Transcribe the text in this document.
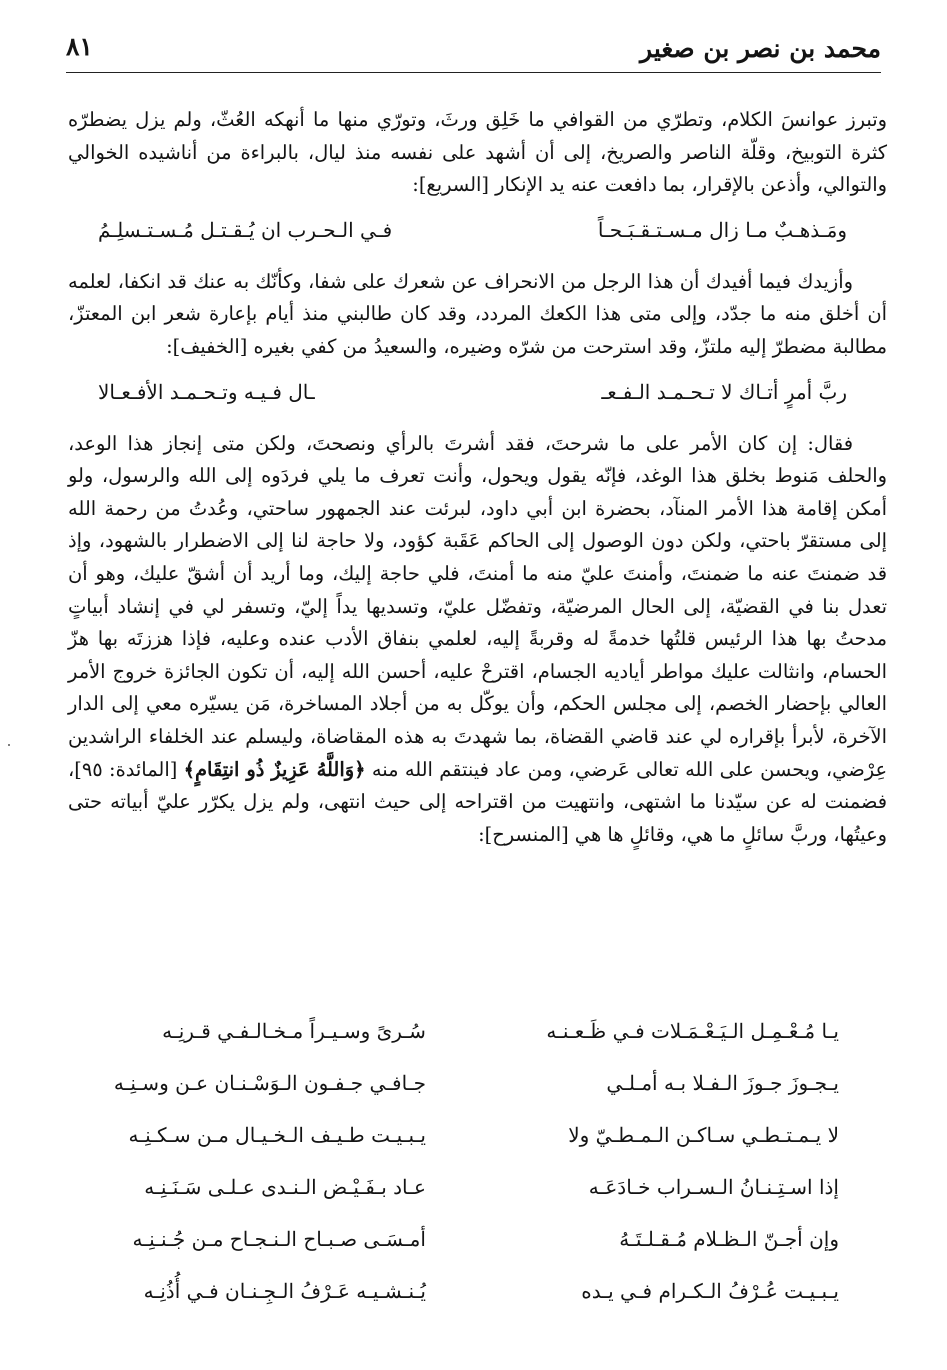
محمد بن نصر بن صغير
٨١

وتبرز عوانسَ الكلام، وتطرّي من القوافي ما خَلِق ورثَ، وتورّي منها ما أنهكه العُثّ، ولم يزل يضطرّه كثرة التوبيخ، وقلّة الناصر والصريخ، إلى أن أشهد على نفسه منذ ليال، بالبراءة من أناشيده الخوالي والتوالي، وأذعن بالإقرار، بما دافعت عنه يد الإنكار [السريع]:

ومَـذهـبٌ مـا زال مـسـتـقـبَـحـاً
فـي الـحـرب ان يُـقـتـل مُـسـتـسلِـمُ

وأزيدك فيما أفيدك أن هذا الرجل من الانحراف عن شعرك على شفا، وكأنّك به عنك قد انكفا، لعلمه أن أخلق منه ما جدّد، وإلى متى هذا الكعك المردد، وقد كان طالبني منذ أيام بإعارة شعر ابن المعتزّ، مطالبة مضطرّ إليه ملتزّ، وقد استرحت من شرّه وضيره، والسعيدُ من كفي بغيره [الخفيف]:

ربَّ أمرٍ أتـاك لا تـحـمـد الـفـعـ
ـال فـيـه وتـحـمـد الأفـعـالا

فقال: إن كان الأمر على ما شرحتَ، فقد أشرتَ بالرأي ونصحتَ، ولكن متى إنجاز هذا الوعد، والحلف مَنوط بخلق هذا الوغد، فإنّه يقول ويحول، وأنت تعرف ما يلي فردَوه إلى الله والرسول، ولو أمكن إقامة هذا الأمر المنآد، بحضرة ابن أبي داود، لبرئت عند الجمهور ساحتي، وعُدتُ من رحمة الله إلى مستقرّ باحتي، ولكن دون الوصول إلى الحاكم عَقَبة كؤود، ولا حاجة لنا إلى الاضطرار بالشهود، وإذ قد ضمنتَ عنه ما ضمنتَ، وأمنتَ عليّ منه ما أمنتَ، فلي حاجة إليك، وما أريد أن أشقّ عليك، وهو أن تعدل بنا في القضيّة، إلى الحال المرضيّة، وتفضّل عليّ، وتسديها يداً إليّ، وتسفر لي في إنشاد أبياتٍ مدحتُ بها هذا الرئيس قلتُها خدمةً له وقربةً إليه، لعلمي بنفاق الأدب عنده وعليه، فإذا هززتَه بها هزّ الحسام، وانثالت عليك مواطر أياديه الجسام، اقترحْ عليه، أحسن الله إليه، أن تكون الجائزة خروج الأمر العالي بإحضار الخصم، إلى مجلس الحكم، وأن يوكّل به من أجلاد المساخرة، مَن يسيّره معي إلى الدار الآخرة، لأبرأ بإقراره لي عند قاضي القضاة، بما شهدتَ به هذه المقاضاة، وليسلم عند الخلفاء الراشدين عِرْضي، ويحسن على الله تعالى عَرضي، ومن عاد فينتقم الله منه ﴿وَاللَّهُ عَزِيزٌ ذُو انتِقَامٍ﴾ [المائدة: ٩٥]، فضمنت له عن سيّدنا ما اشتهى، وانتهيت من اقتراحه إلى حيث انتهى، ولم يزل يكرّر عليّ أبياته حتى وعيتُها، وربَّ سائلٍ ما هي، وقائلٍ ها هي [المنسرح]:

يـا مُـعْـمِـل الـيَـعْـمَـلات فـي ظَـعـنـه
سُـرىً وسـيـراً مـخـالـفـي قـرنِـه
يـجـوزَ جـوزَ الـفـلا بـه أمـلـي
جـافـي جـفـون الـوَسْـنـان عـن وسـنِـه
لا يـمـتـطـي سـاكـن الـمـطـيّ ولا
يـبـيـت طـيـف الـخـيـال مـن سـكـنِـه
إذا اسـتِـنـانُ الـسـراب خـادَعَـه
عـاد بـفَـيْـض الـنـدى عـلـى سَـنَـنِـه
وإن أجـنّ الـظـلام مُـقـلـتَـهُ
أمـسَـى صـبـاح الـنـجـاح مـن جُـنـنِـه
يـبـيـت عُـرْفُ الـكـرام فـي يـده
يُـنـشـيـه عَـرْفُ الـجِـنـان فـي أُذُنِـه
